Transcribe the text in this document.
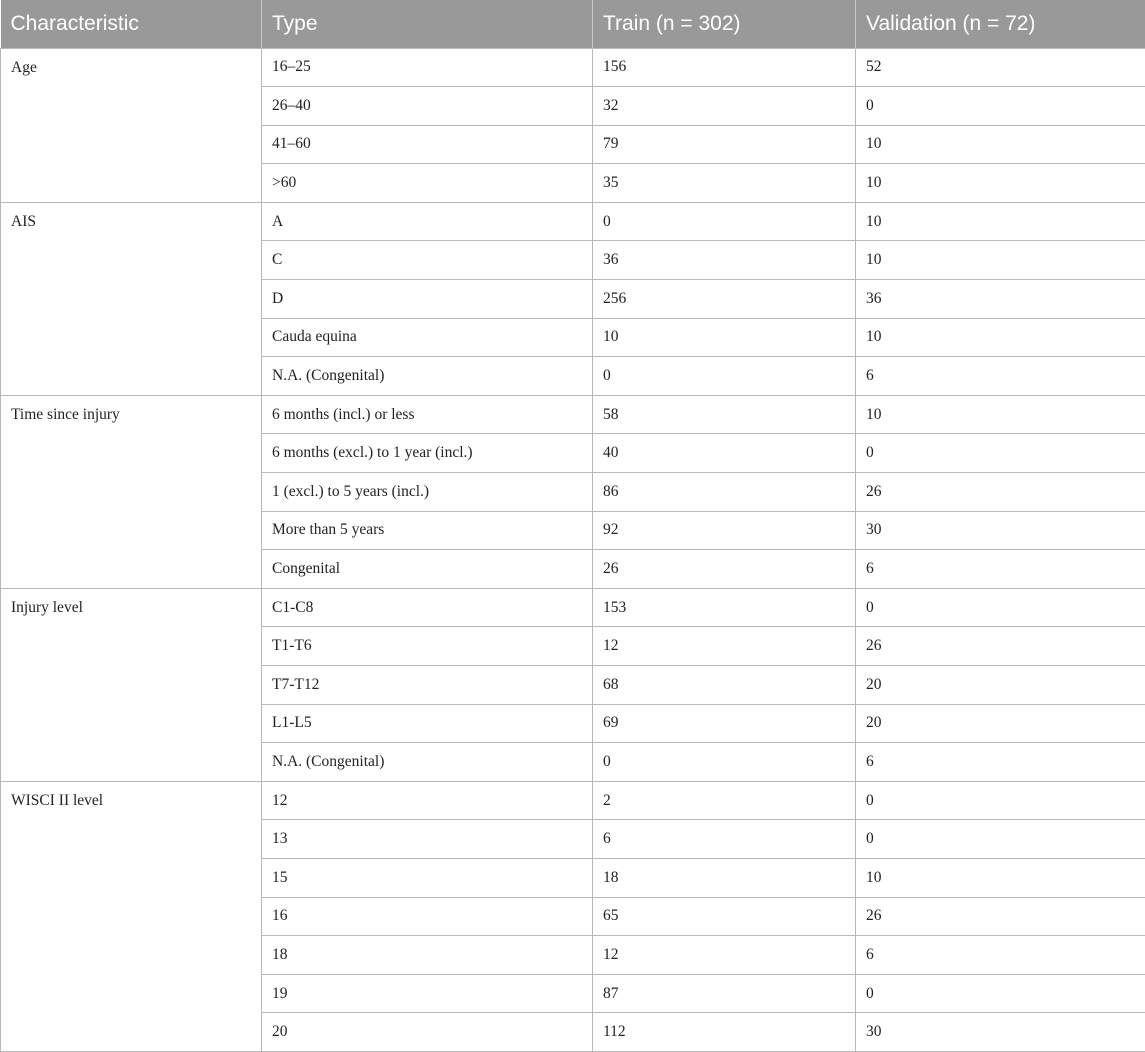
Characteristic	Type	Train (n = 302)	Validation (n = 72)
Age	16–25	156	52
	26–40	32	0
	41–60	79	10
	>60	35	10
AIS	A	0	10
	C	36	10
	D	256	36
	Cauda equina	10	10
	N.A. (Congenital)	0	6
Time since injury	6 months (incl.) or less	58	10
	6 months (excl.) to 1 year (incl.)	40	0
	1 (excl.) to 5 years (incl.)	86	26
	More than 5 years	92	30
	Congenital	26	6
Injury level	C1-C8	153	0
	T1-T6	12	26
	T7-T12	68	20
	L1-L5	69	20
	N.A. (Congenital)	0	6
WISCI II level	12	2	0
	13	6	0
	15	18	10
	16	65	26
	18	12	6
	19	87	0
	20	112	30
